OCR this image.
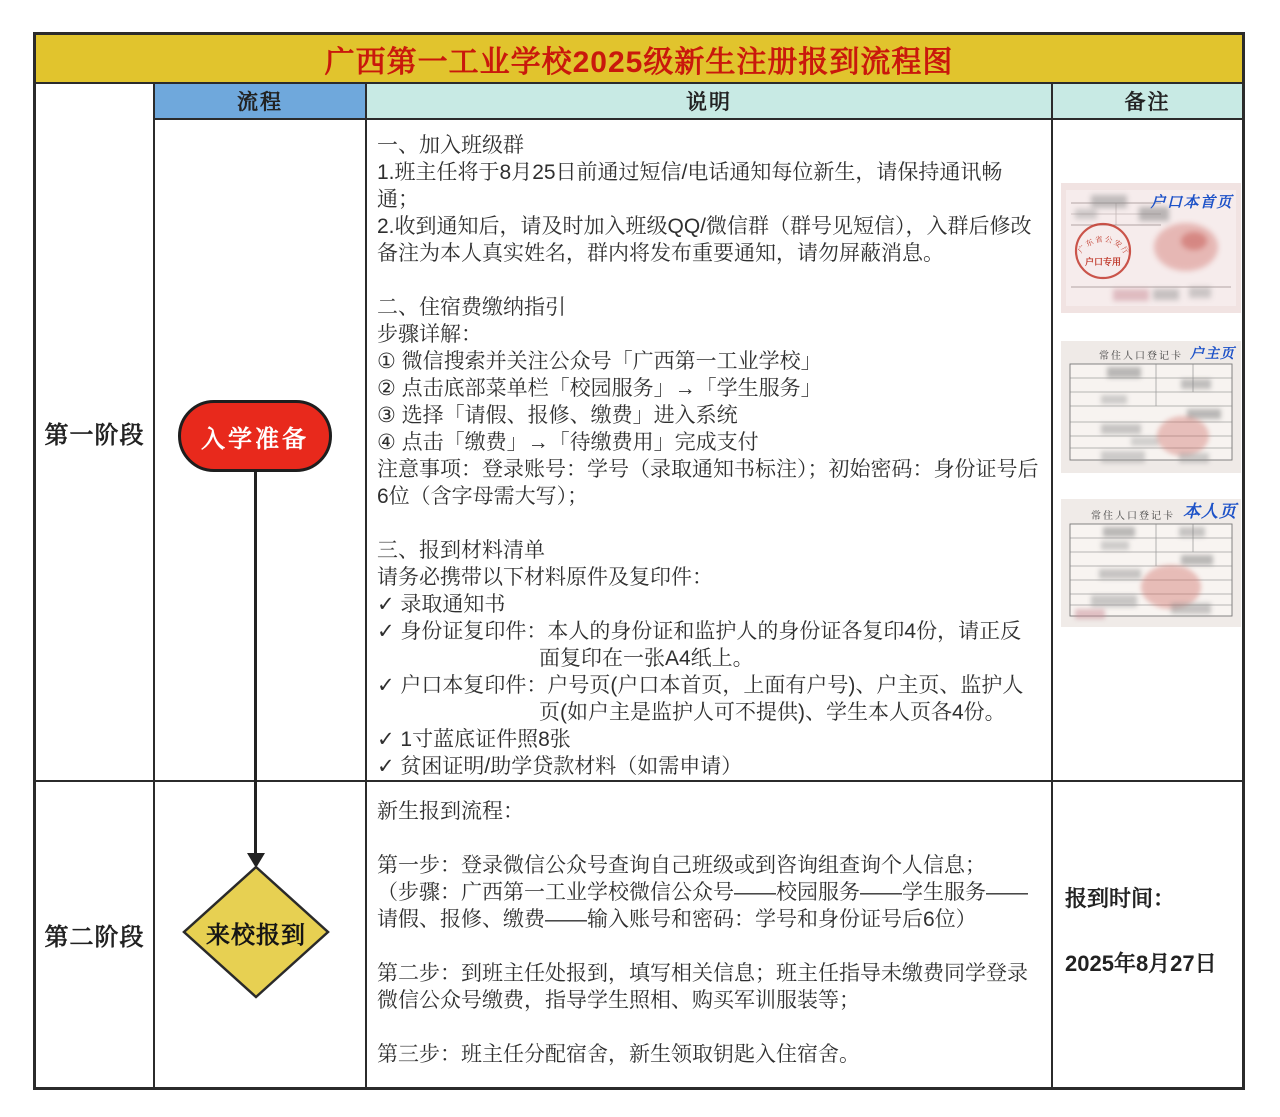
广西第一工业学校2025级新生注册报到流程图
流程	说明	备注
第一阶段
第二阶段

一、加入班级群

1.班主任将于8月25日前通过短信/电话通知每位新生，请保持通讯畅通；

2.收到通知后，请及时加入班级QQ/微信群（群号见短信），入群后修改备注为本人真实姓名，群内将发布重要通知，请勿屏蔽消息。

二、住宿费缴纳指引

步骤详解：

① 微信搜索并关注公众号「广西第一工业学校」

② 点击底部菜单栏「校园服务」→「学生服务」

③ 选择「请假、报修、缴费」进入系统

④ 点击「缴费」→「待缴费用」完成支付

注意事项：登录账号：学号（录取通知书标注）；初始密码：身份证号后6位（含字母需大写）；

三、报到材料清单

请务必携带以下材料原件及复印件：

✓ 录取通知书

✓ 身份证复印件：本人的身份证和监护人的身份证各复印4份，请正反面复印在一张A4纸上。

✓ 户口本复印件：户号页(户口本首页，上面有户号)、户主页、监护人页(如户主是监护人可不提供)、学生本人页各4份。

✓ 1寸蓝底证件照8张

✓ 贫困证明/助学贷款材料（如需申请）

新生报到流程：

第一步：登录微信公众号查询自己班级或到咨询组查询个人信息；

（步骤：广西第一工业学校微信公众号——校园服务——学生服务——请假、报修、缴费——输入账号和密码：学号和身份证号后6位）

第二步：到班主任处报到，填写相关信息；班主任指导未缴费同学登录微信公众号缴费，指导学生照相、购买军训服装等；

第三步：班主任分配宿舍，新生领取钥匙入住宿舍。

报到时间：

2025年8月27日

入学准备
来校报到
户口本首页
广东省公安厅
户口专用
常住人口登记卡 户主页
常住人口登记卡 本人页
